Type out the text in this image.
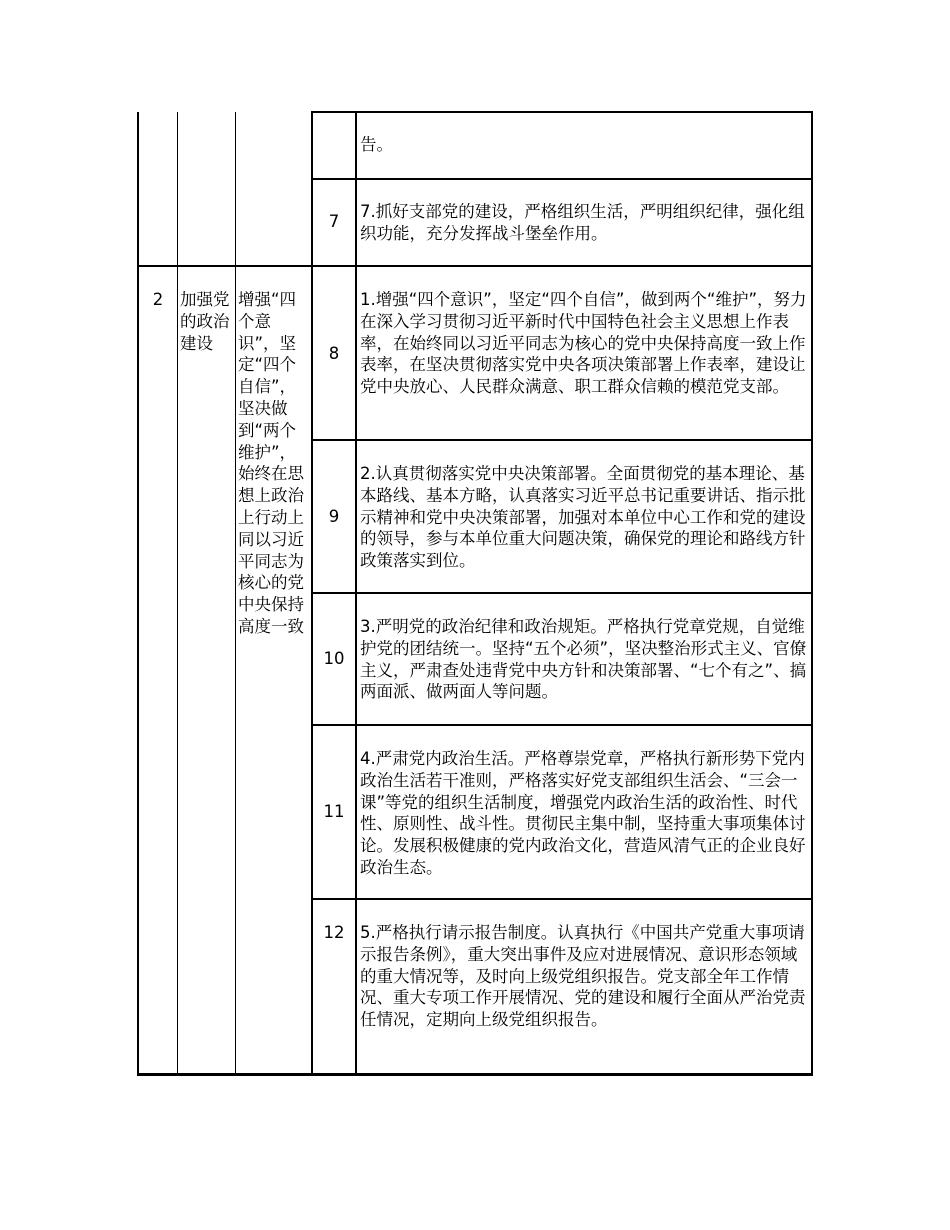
告。
7
7.抓好支部党的建设，严格组织生活，严明组织纪律，强化组织功能，充分发挥战斗堡垒作用。
2	加强党的政治建设
增强“四个意识”，坚定“四个自信”，坚决做到“两个维护”，始终在思想上政治上行动上同以习近平同志为核心的党中央保持高度一致
8
1.增强“四个意识”，坚定“四个自信”，做到两个“维护”，努力在深入学习贯彻习近平新时代中国特色社会主义思想上作表率，在始终同以习近平同志为核心的党中央保持高度一致上作表率，在坚决贯彻落实党中央各项决策部署上作表率，建设让党中央放心、人民群众满意、职工群众信赖的模范党支部。
9
2.认真贯彻落实党中央决策部署。全面贯彻党的基本理论、基本路线、基本方略，认真落实习近平总书记重要讲话、指示批示精神和党中央决策部署，加强对本单位中心工作和党的建设的领导，参与本单位重大问题决策，确保党的理论和路线方针政策落实到位。
10
3.严明党的政治纪律和政治规矩。严格执行党章党规，自觉维护党的团结统一。坚持“五个必须”，坚决整治形式主义、官僚主义，严肃查处违背党中央方针和决策部署、“七个有之”、搞两面派、做两面人等问题。
11
4.严肃党内政治生活。严格尊崇党章，严格执行新形势下党内政治生活若干准则，严格落实好党支部组织生活会、“三会一课”等党的组织生活制度，增强党内政治生活的政治性、时代性、原则性、战斗性。贯彻民主集中制，坚持重大事项集体讨论。发展积极健康的党内政治文化，营造风清气正的企业良好政治生态。
12 5.严格执行请示报告制度。认真执行《中国共产党重大事项请示报告条例》，重大突出事件及应对进展情况、意识形态领域的重大情况等，及时向上级党组织报告。党支部全年工作情况、重大专项工作开展情况、党的建设和履行全面从严治党责任情况，定期向上级党组织报告。
